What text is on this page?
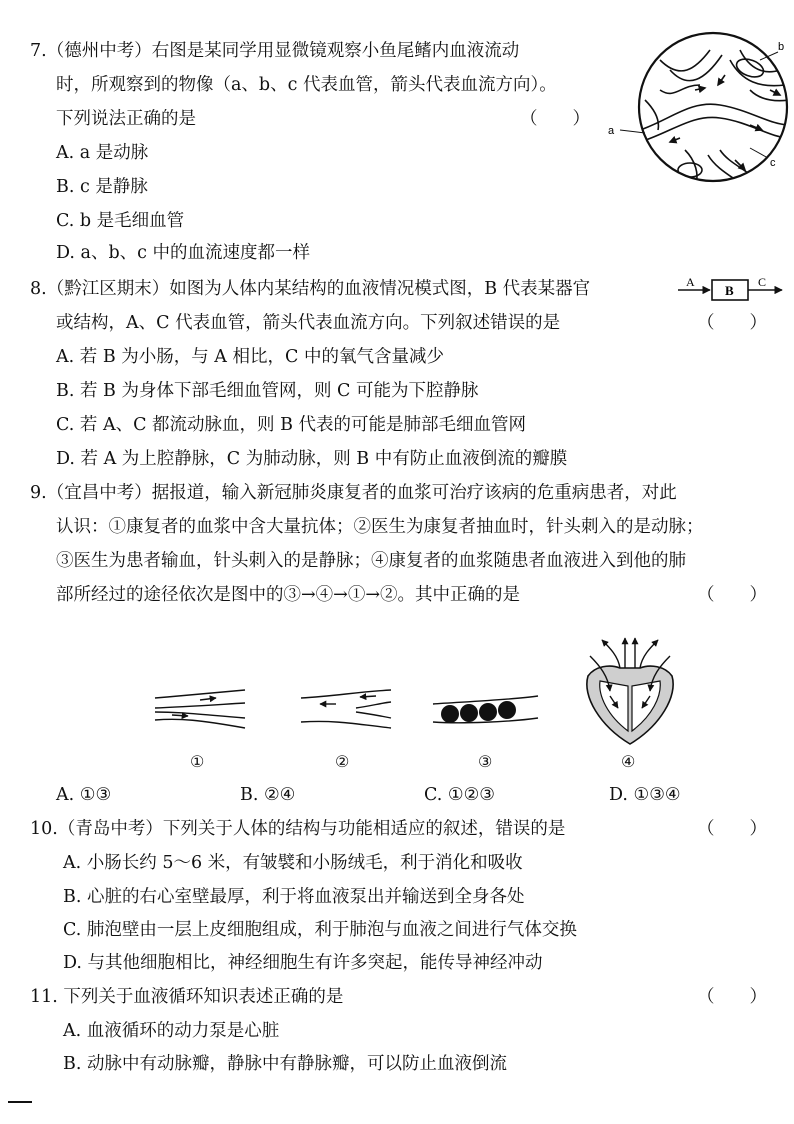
7.（德州中考）右图是某同学用显微镜观察小鱼尾鳍内血液流动
时，所观察到的物像（a、b、c 代表血管，箭头代表血流方向）。
下列说法正确的是	（　　）
A. a 是动脉
B. c 是静脉
C. b 是毛细血管
D. a、b、c 中的血流速度都一样
a
b
c
8.（黔江区期末）如图为人体内某结构的血液情况模式图，B 代表某器官
或结构，A、C 代表血管，箭头代表血流方向。下列叙述错误的是	（　　）
A. 若 B 为小肠，与 A 相比，C 中的氧气含量减少
B. 若 B 为身体下部毛细血管网，则 C 可能为下腔静脉
C. 若 A、C 都流动脉血，则 B 代表的可能是肺部毛细血管网
D. 若 A 为上腔静脉，C 为肺动脉，则 B 中有防止血液倒流的瓣膜
A
B
C
9.（宜昌中考）据报道，输入新冠肺炎康复者的血浆可治疗该病的危重病患者，对此
认识：①康复者的血浆中含大量抗体；②医生为康复者抽血时，针头刺入的是动脉；
③医生为患者输血，针头刺入的是静脉；④康复者的血浆随患者血液进入到他的肺
部所经过的途径依次是图中的③→④→①→②。其中正确的是	（　　）
①	②	③	④
A. ①③	B. ②④	C. ①②③	D. ①③④
10.（青岛中考）下列关于人体的结构与功能相适应的叙述，错误的是	（　　）
A. 小肠长约 5～6 米，有皱襞和小肠绒毛，利于消化和吸收
B. 心脏的右心室壁最厚，利于将血液泵出并输送到全身各处
C. 肺泡壁由一层上皮细胞组成，利于肺泡与血液之间进行气体交换
D. 与其他细胞相比，神经细胞生有许多突起，能传导神经冲动
11. 下列关于血液循环知识表述正确的是	（　　）
A. 血液循环的动力泵是心脏
B. 动脉中有动脉瓣，静脉中有静脉瓣，可以防止血液倒流
